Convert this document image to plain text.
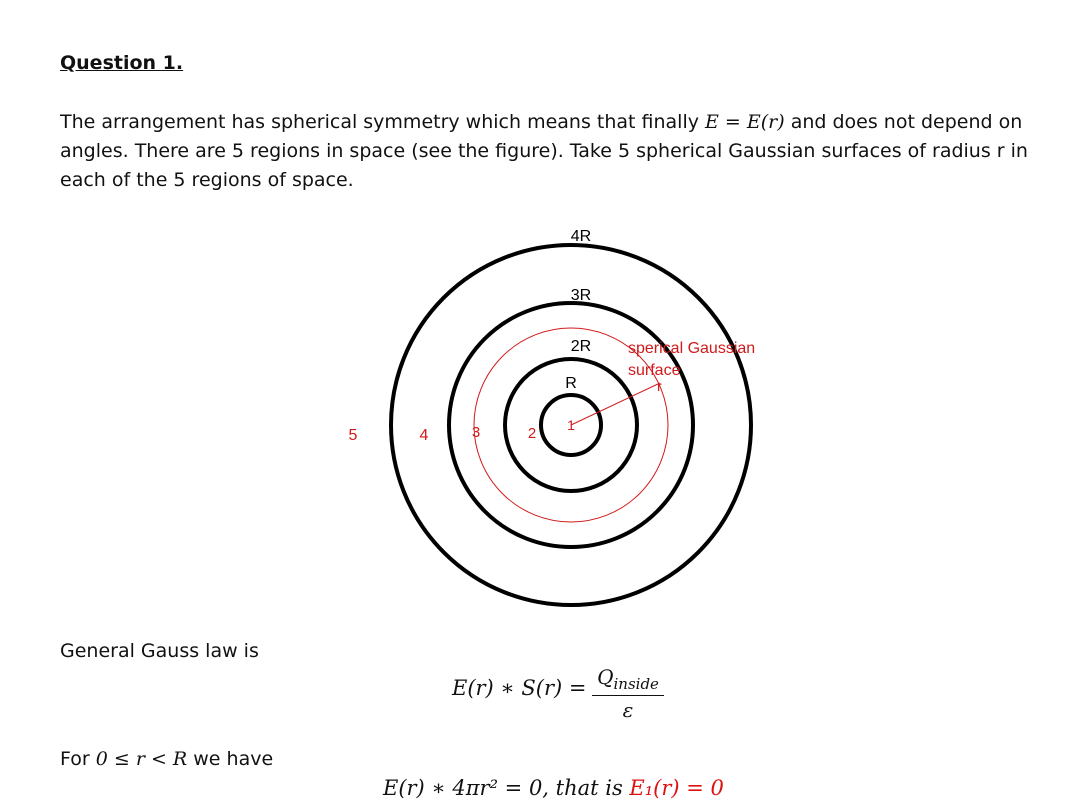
Question 1.
The arrangement has spherical symmetry which means that finally E = E(r) and does not depend on angles. There are 5 regions in space (see the figure). Take 5 spherical Gaussian surfaces of radius r in each of the 5 regions of space.
4R
3R
2R
R
5	4	3	2 1
sperical Gaussian
surface
r
General Gauss law is
E(r) ∗ $S(r) = Q_{inside}$
ε
For 0 ≤ r < R we have
E(r) ∗ 4πr² = 0, that is E₁(r) = 0
